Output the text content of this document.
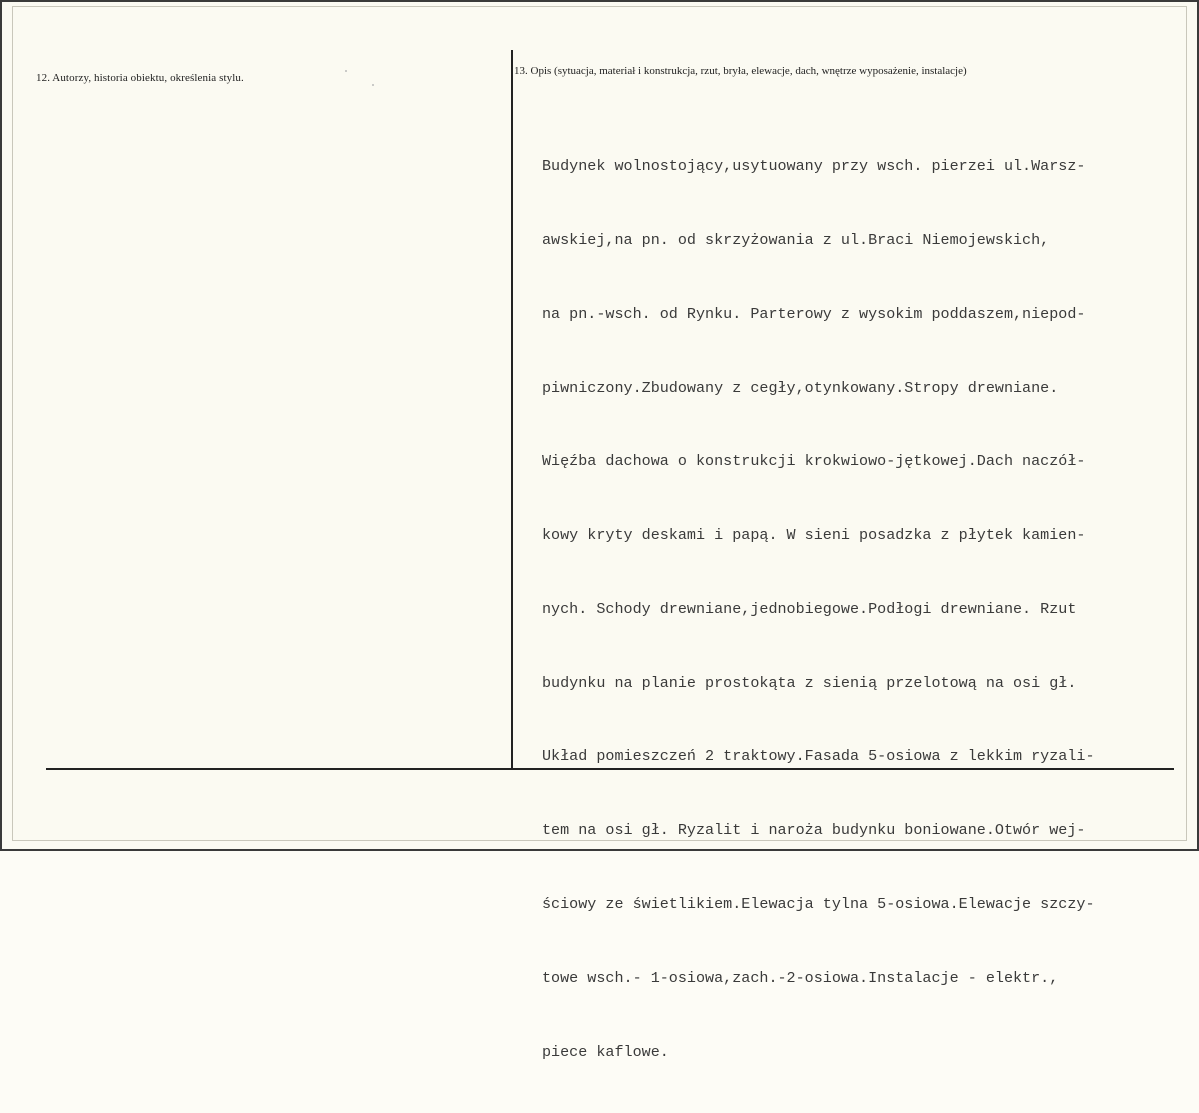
12. Autorzy, historia obiektu, określenia stylu.
13. Opis (sytuacja, materiał i konstrukcja, rzut, bryła, elewacje, dach, wnętrze wyposażenie, instalacje)

Budynek wolnostojący,usytuowany przy wsch. pierzei ul.Warsz-

awskiej,na pn. od skrzyżowania z ul.Braci Niemojewskich,

na pn.-wsch. od Rynku. Parterowy z wysokim poddaszem,niepod-

piwniczony.Zbudowany z cegły,otynkowany.Stropy drewniane.

Więźba dachowa o konstrukcji krokwiowo-jętkowej.Dach naczół-

kowy kryty deskami i papą. W sieni posadzka z płytek kamien-

nych. Schody drewniane,jednobiegowe.Podłogi drewniane. Rzut

budynku na planie prostokąta z sienią przelotową na osi gł.

Układ pomieszczeń 2 traktowy.Fasada 5-osiowa z lekkim ryzali-

tem na osi gł. Ryzalit i naroża budynku boniowane.Otwór wej-

ściowy ze świetlikiem.Elewacja tylna 5-osiowa.Elewacje szczy-

towe wsch.- 1-osiowa,zach.-2-osiowa.Instalacje - elektr.,

piece kaflowe.
